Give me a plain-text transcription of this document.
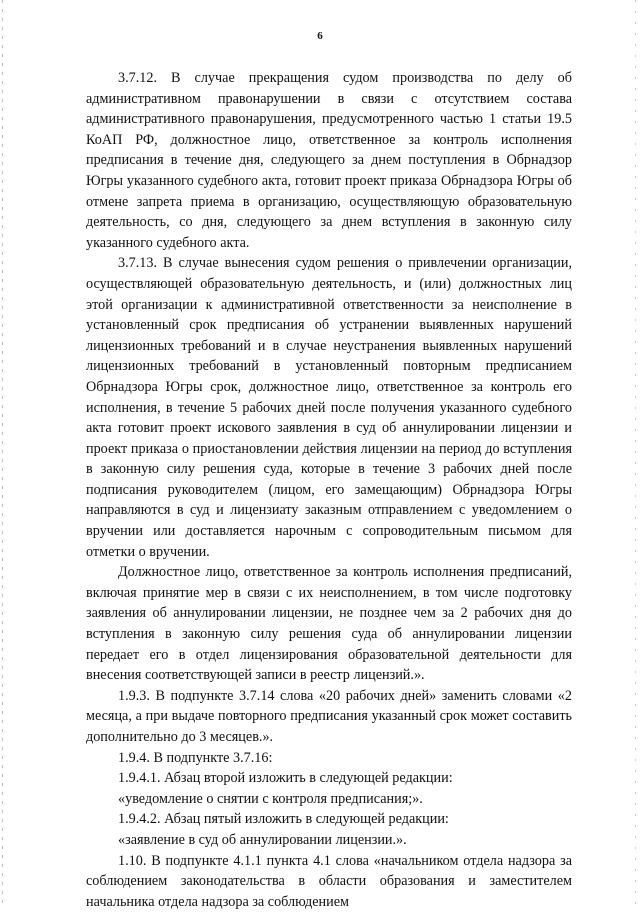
6

3.7.12. В случае прекращения судом производства по делу об административном правонарушении в связи с отсутствием состава административного правонарушения, предусмотренного частью 1 статьи 19.5 КоАП РФ, должностное лицо, ответственное за контроль исполнения предписания в течение дня, следующего за днем поступления в Обрнадзор Югры указанного судебного акта, готовит проект приказа Обрнадзора Югры об отмене запрета приема в организацию, осуществляющую образовательную деятельность, со дня, следующего за днем вступления в законную силу указанного судебного акта.

3.7.13. В случае вынесения судом решения о привлечении организации, осуществляющей образовательную деятельность, и (или) должностных лиц этой организации к административной ответственности за неисполнение в установленный срок предписания об устранении выявленных нарушений лицензионных требований и в случае неустранения выявленных нарушений лицензионных требований в установленный повторным предписанием Обрнадзора Югры срок, должностное лицо, ответственное за контроль его исполнения, в течение 5 рабочих дней после получения указанного судебного акта готовит проект искового заявления в суд об аннулировании лицензии и проект приказа о приостановлении действия лицензии на период до вступления в законную силу решения суда, которые в течение 3 рабочих дней после подписания руководителем (лицом, его замещающим) Обрнадзора Югры направляются в суд и лицензиату заказным отправлением с уведомлением о вручении или доставляется нарочным с сопроводительным письмом для отметки о вручении.

Должностное лицо, ответственное за контроль исполнения предписаний, включая принятие мер в связи с их неисполнением, в том числе подготовку заявления об аннулировании лицензии, не позднее чем за 2 рабочих дня до вступления в законную силу решения суда об аннулировании лицензии передает его в отдел лицензирования образовательной деятельности для внесения соответствующей записи в реестр лицензий.».

1.9.3. В подпункте 3.7.14 слова «20 рабочих дней» заменить словами «2 месяца, а при выдаче повторного предписания указанный срок может составить дополнительно до 3 месяцев.».

1.9.4. В подпункте 3.7.16:

1.9.4.1. Абзац второй изложить в следующей редакции:

«уведомление о снятии с контроля предписания;».

1.9.4.2. Абзац пятый изложить в следующей редакции:

«заявление в суд об аннулировании лицензии.».

1.10. В подпункте 4.1.1 пункта 4.1 слова «начальником отдела надзора за соблюдением законодательства в области образования и заместителем начальника отдела надзора за соблюдением
